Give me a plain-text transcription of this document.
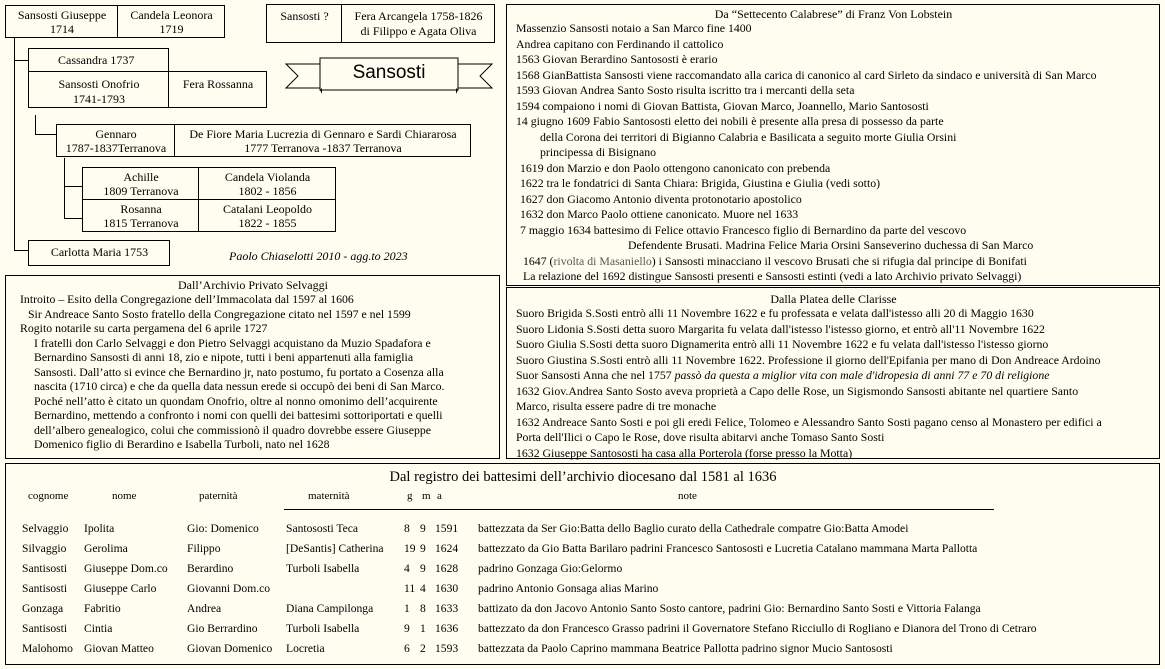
Sansosti Giuseppe
1714
Candela Leonora
1719
Sansosti ?	Fera Arcangela 1758-1826
di Filippo e Agata Oliva
Cassandra 1737
Sansosti Onofrio
1741-1793
Fera Rossanna
Sansosti
Gennaro
1787-1837Terranova
De Fiore Maria Lucrezia di Gennaro e Sardi Chiararosa
1777 Terranova -1837 Terranova
Achille
1809 Terranova
Candela Violanda
1802 - 1856
Rosanna
1815 Terranova
Catalani Leopoldo
1822 - 1855
Carlotta Maria 1753	Paolo Chiaselotti 2010 - agg.to 2023
Dall’Archivio Privato Selvaggi
Introito – Esito della Congregazione dell’Immacolata dal 1597 al 1606
Sir Andreace Santo Sosto fratello della Congregazione citato nel 1597 e nel 1599
Rogito notarile su carta pergamena del 6 aprile 1727
I fratelli don Carlo Selvaggi e don Pietro Selvaggi acquistano da Muzio Spadafora e
Bernardino Sansosti di anni 18, zio e nipote, tutti i beni appartenuti alla famiglia
Sansosti. Dall’atto si evince che Bernardino jr, nato postumo, fu portato a Cosenza alla
nascita (1710 circa) e che da quella data nessun erede si occupò dei beni di San Marco.
Poché nell’atto è citato un quondam Onofrio, oltre al nonno omonimo dell’acquirente
Bernardino, mettendo a confronto i nomi con quelli dei battesimi sottoriportati e quelli
dell’albero genealogico, colui che commissionò il quadro dovrebbe essere Giuseppe
Domenico figlio di Berardino e Isabella Turboli, nato nel 1628
Da “Settecento Calabrese” di Franz Von Lobstein
Massenzio Sansosti notaio a San Marco fine 1400
Andrea capitano con Ferdinando il cattolico
1563 Giovan Berardino Santososti è erario
1568 GianBattista Sansosti viene raccomandato alla carica di canonico al card Sirleto da sindaco e università di San Marco
1593 Giovan Andrea Santo Sosto risulta iscritto tra i mercanti della seta
1594 compaiono i nomi di Giovan Battista, Giovan Marco, Joannello, Mario Santososti
14 giugno 1609 Fabio Santososti eletto dei nobili è presente alla presa di possesso da parte
della Corona dei territori di Bigianno Calabria e Basilicata a seguito morte Giulia Orsini
principessa di Bisignano
1619 don Marzio e don Paolo ottengono canonicato con prebenda
1622 tra le fondatrici di Santa Chiara: Brigida, Giustina e Giulia (vedi sotto)
1627 don Giacomo Antonio diventa protonotario apostolico
1632 don Marco Paolo ottiene canonicato. Muore nel 1633
7 maggio 1634 battesimo di Felice ottavio Francesco figlio di Bernardino da parte del vescovo
Defendente Brusati. Madrina Felice Maria Orsini Sanseverino duchessa di San Marco
1647 (rivolta di Masaniello) i Sansosti minacciano il vescovo Brusati che si rifugia dal principe di Bonifati
La relazione del 1692 distingue Sansosti presenti e Sansosti estinti (vedi a lato Archivio privato Selvaggi)
Dalla Platea delle Clarisse
Suoro Brigida S.Sosti entrò alli 11 Novembre 1622 e fu professata e velata dall'istesso alli 20 di Maggio 1630
Suoro Lidonia S.Sosti detta suoro Margarita fu velata dall'istesso l'istesso giorno, et entrò all'11 Novembre 1622
Suoro Giulia S.Sosti detta suoro Dignamerita entrò alli 11 Novembre 1622 e fu velata dall'istesso l'istesso giorno
Suoro Giustina S.Sosti entrò alli 11 Novembre 1622. Professione il giorno dell'Epifania per mano di Don Andreace Ardoino
Suor Sansosti Anna che nel 1757 passò da questa a miglior vita con male d'idropesia di anni 77 e 70 di religione
1632 Giov.Andrea Santo Sosto aveva proprietà a Capo delle Rose, un Sigismondo Sansosti abitante nel quartiere Santo
Marco, risulta essere padre di tre monache
1632 Andreace Santo Sosti e poi gli eredi Felice, Tolomeo e Alessandro Santo Sosti pagano censo al Monastero per edifici a
Porta dell'Ilici o Capo le Rose, dove risulta abitarvi anche Tomaso Santo Sosti
1632 Giuseppe Santososti ha casa alla Porterola (forse presso la Motta)
Dal registro dei battesimi dell’archivio diocesano dal 1581 al 1636
cognome	nome	paternità	maternità	g	m	a	note

Selvaggio	Ipolita	Gio: Domenico	Santososti Teca	8	9	1591	battezzata da Ser Gio:Batta dello Baglio curato della Cathedrale compatre Gio:Batta Amodei
Silvaggio	Gerolima	Filippo	[DeSantis] Catherina	19	9	1624	battezzato da Gio Batta Barilaro padrini Francesco Santososti e Lucretia Catalano mammana Marta Pallotta
Santisosti	Giuseppe Dom.co	Berardino	Turboli Isabella	4	9	1628	padrino Gonzaga Gio:Gelormo
Santisosti	Giuseppe Carlo	Giovanni Dom.co		11	4	1630	padrino Antonio Gonsaga alias Marino
Gonzaga	Fabritio	Andrea	Diana Campilonga	1	8	1633	battizato da don Jacovo Antonio Santo Sosto cantore, padrini Gio: Bernardino Santo Sosti e Vittoria Falanga
Santisosti	Cintia	Gio Berrardino	Turboli Isabella	9	1	1636	battezzato da don Francesco Grasso padrini il Governatore Stefano Ricciullo di Rogliano e Dianora del Trono di Cetraro
Malohomo	Giovan Matteo	Giovan Domenico	Locretia	6	2	1593	battezzata da Paolo Caprino mammana Beatrice Pallotta padrino signor Mucio Santososti
